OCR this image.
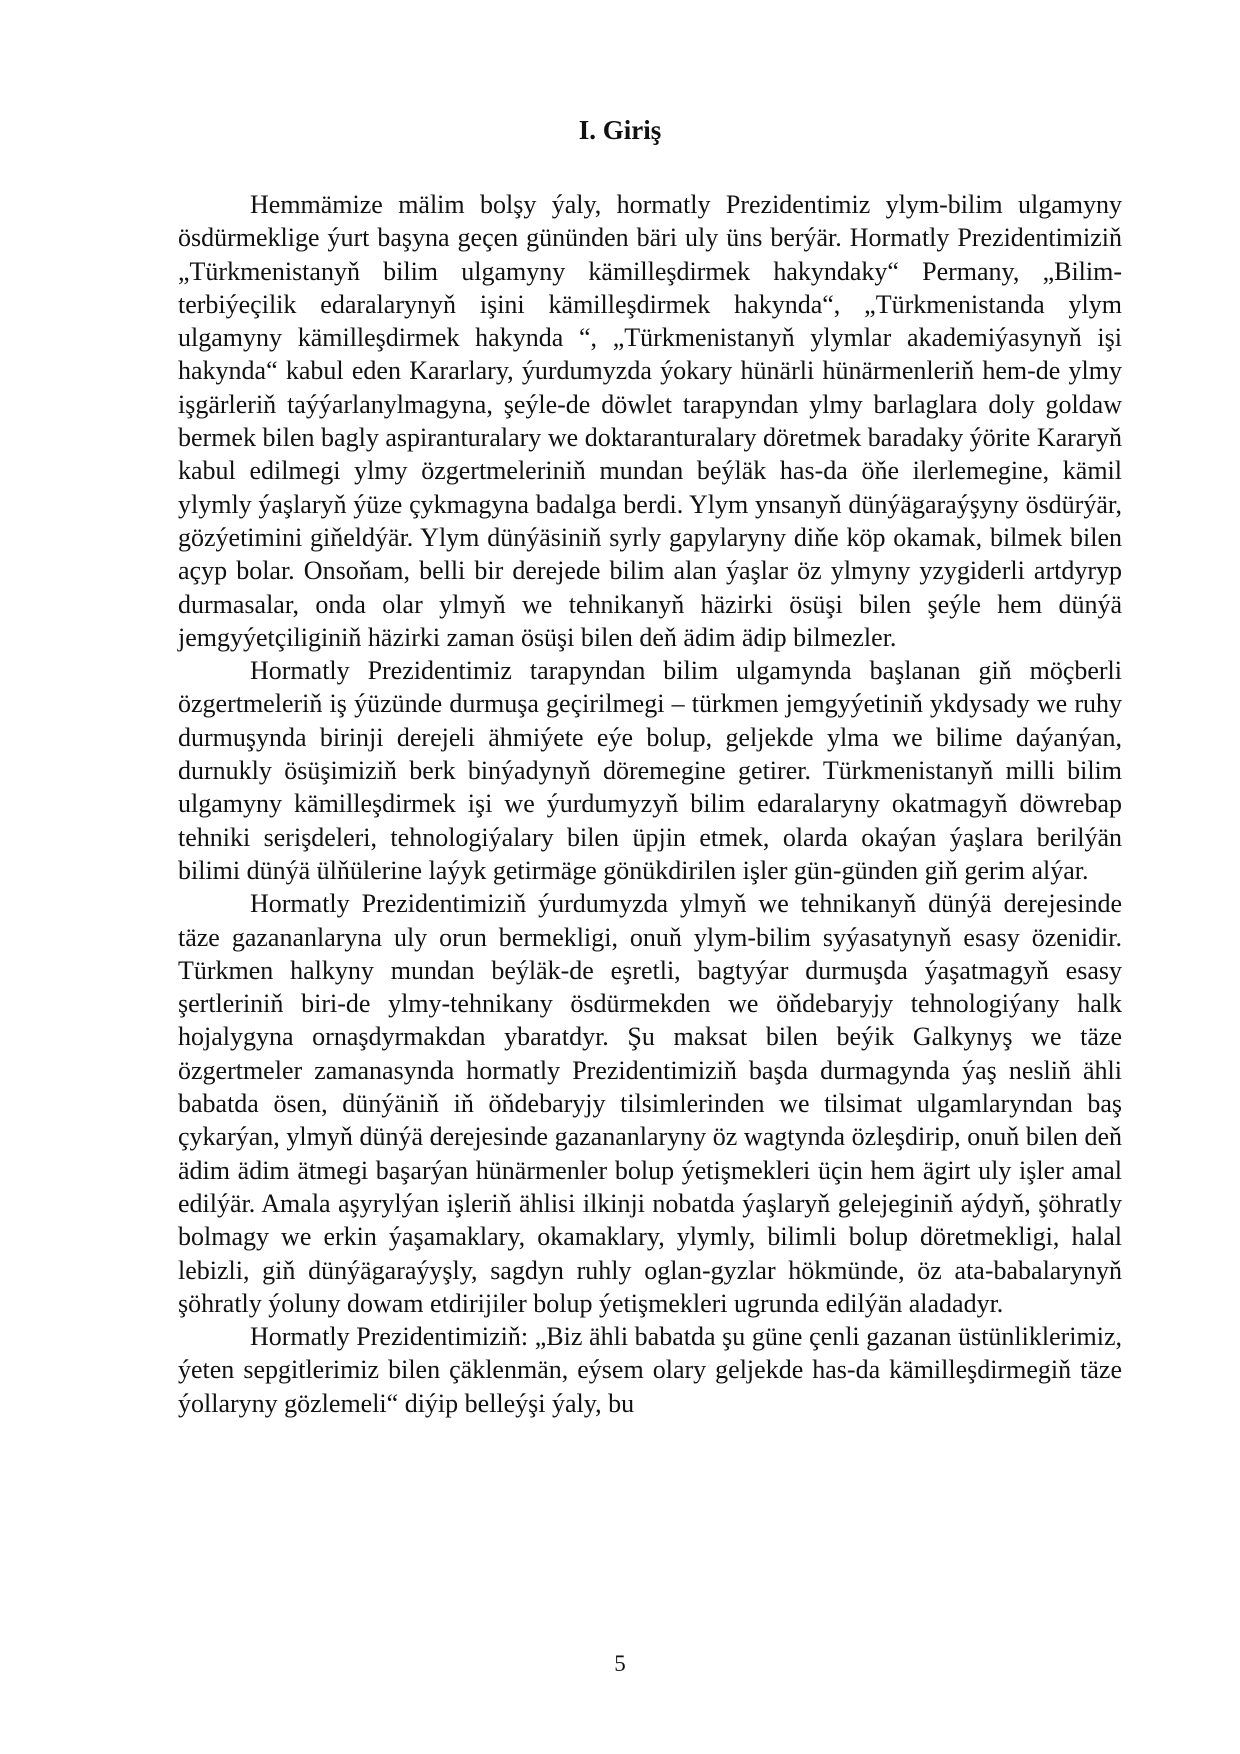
I. Giriş

Hemmämize mälim bolşy ýaly, hormatly Prezidentimiz ylym-bilim ulgamyny ösdürmeklige ýurt başyna geçen gününden bäri uly üns berýär. Hormatly Prezidentimiziň „Türkmenistanyň bilim ulgamyny kämilleşdirmek hakyndaky“ Permany, „Bilim-terbiýeçilik edaralarynyň işini kämilleşdirmek hakynda“, „Türkmenistanda ylym ulgamyny kämilleşdirmek hakynda “, „Türkmenistanyň ylymlar akademiýasynyň işi hakynda“ kabul eden Kararlary, ýurdumyzda ýokary hünärli hünärmenleriň hem-de ylmy işgärleriň taýýarlanylmagyna, şeýle-de döwlet tarapyndan ylmy barlaglara doly goldaw bermek bilen bagly aspiranturalary we doktaranturalary döretmek baradaky ýörite Kararyň kabul edilmegi ylmy özgertmeleriniň mundan beýläk has-da öňe ilerlemegine, kämil ylymly ýaşlaryň ýüze çykmagyna badalga berdi. Ylym ynsanyň dünýägaraýşyny ösdürýär, gözýetimini giňeldýär. Ylym dünýäsiniň syrly gapylaryny diňe köp okamak, bilmek bilen açyp bolar. Onsoňam, belli bir derejede bilim alan ýaşlar öz ylmyny yzygiderli artdyryp durmasalar, onda olar ylmyň we tehnikanyň häzirki ösüşi bilen şeýle hem dünýä jemgyýetçiliginiň häzirki zaman ösüşi bilen deň ädim ädip bilmezler.

Hormatly Prezidentimiz tarapyndan bilim ulgamynda başlanan giň möçberli özgertmeleriň iş ýüzünde durmuşa geçirilmegi – türkmen jemgyýetiniň ykdysady we ruhy durmuşynda birinji derejeli ähmiýete eýe bolup, geljekde ylma we bilime daýanýan, durnukly ösüşimiziň berk binýadynyň döremegine getirer. Türkmenistanyň milli bilim ulgamyny kämilleşdirmek işi we ýurdumyzyň bilim edaralaryny okatmagyň döwrebap tehniki serişdeleri, tehnologiýalary bilen üpjin etmek, olarda okaýan ýaşlara berilýän bilimi dünýä ülňülerine laýyk getirmäge gönükdirilen işler gün-günden giň gerim alýar.

Hormatly Prezidentimiziň ýurdumyzda ylmyň we tehnikanyň dünýä derejesinde täze gazananlaryna uly orun bermekligi, onuň ylym-bilim syýasatynyň esasy özenidir. Türkmen halkyny mundan beýläk-de eşretli, bagtyýar durmuşda ýaşatmagyň esasy şertleriniň biri-de ylmy-tehnikany ösdürmekden we öňdebaryjy tehnologiýany halk hojalygyna ornaşdyrmakdan ybaratdyr. Şu maksat bilen beýik Galkynyş we täze özgertmeler zamanasynda hormatly Prezidentimiziň başda durmagynda ýaş nesliň ähli babatda ösen, dünýäniň iň öňdebaryjy tilsimlerinden we tilsimat ulgamlaryndan baş çykarýan, ylmyň dünýä derejesinde gazananlaryny öz wagtynda özleşdirip, onuň bilen deň ädim ädim ätmegi başarýan hünärmenler bolup ýetişmekleri üçin hem ägirt uly işler amal edilýär. Amala aşyrylýan işleriň ählisi ilkinji nobatda ýaşlaryň gelejeginiň aýdyň, şöhratly bolmagy we erkin ýaşamaklary, okamaklary, ylymly, bilimli bolup döretmekligi, halal lebizli, giň dünýägaraýyşly, sagdyn ruhly oglan-gyzlar hökmünde, öz ata-babalarynyň şöhratly ýoluny dowam etdirijiler bolup ýetişmekleri ugrunda edilýän aladadyr.

Hormatly Prezidentimiziň: „Biz ähli babatda şu güne çenli gazanan üstünliklerimiz, ýeten sepgitlerimiz bilen çäklenmän, eýsem olary geljekde has-da kämilleşdirmegiň täze ýollaryny gözlemeli“ diýip belleýşi ýaly, bu

5
